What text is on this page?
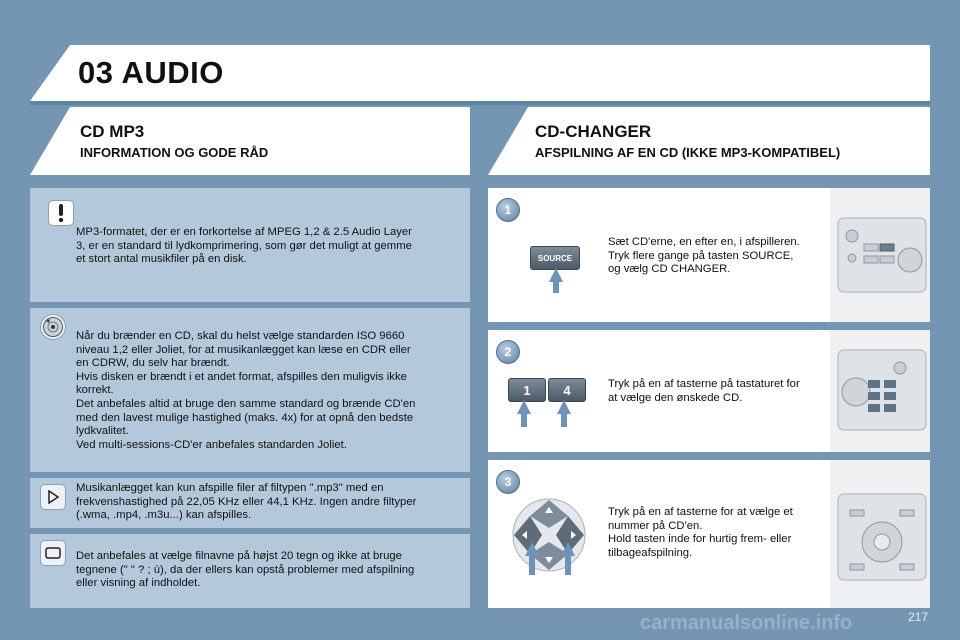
03 AUDIO
CD MP3
INFORMATION OG GODE RÅD
CD-CHANGER
AFSPILNING AF EN CD (IKKE MP3-KOMPATIBEL)
MP3-formatet, der er en forkortelse af MPEG 1,2 & 2.5 Audio Layer
3, er en standard til lydkomprimering, som gør det muligt at gemme
et stort antal musikfiler på en disk.
Når du brænder en CD, skal du helst vælge standarden ISO 9660
niveau 1,2 eller Joliet, for at musikanlægget kan læse en CDR eller
en CDRW, du selv har brændt.
Hvis disken er brændt i et andet format, afspilles den muligvis ikke
korrekt.
Det anbefales altid at bruge den samme standard og brænde CD'en
med den lavest mulige hastighed (maks. 4x) for at opnå den bedste
lydkvalitet.
Ved multi-sessions-CD'er anbefales standarden Joliet.
Musikanlægget kan kun afspille filer af filtypen ".mp3" med en
frekvenshastighed på 22,05 KHz eller 44,1 KHz. Ingen andre filtyper
(.wma, .mp4, .m3u...) kan afspilles.
Det anbefales at vælge filnavne på højst 20 tegn og ikke at bruge
tegnene (" " ? ; ù), da der ellers kan opstå problemer med afspilning
eller visning af indholdet.
1
SOURCE
Sæt CD'erne, en efter en, i afspilleren.
Tryk flere gange på tasten SOURCE,
og vælg CD CHANGER.
2
1	4	Tryk på en af tasterne på tastaturet for
at vælge den ønskede CD.
3
Tryk på en af tasterne for at vælge et
nummer på CD'en.
Hold tasten inde for hurtig frem- eller
tilbageafspilning.
carmanualsonline.info	217
